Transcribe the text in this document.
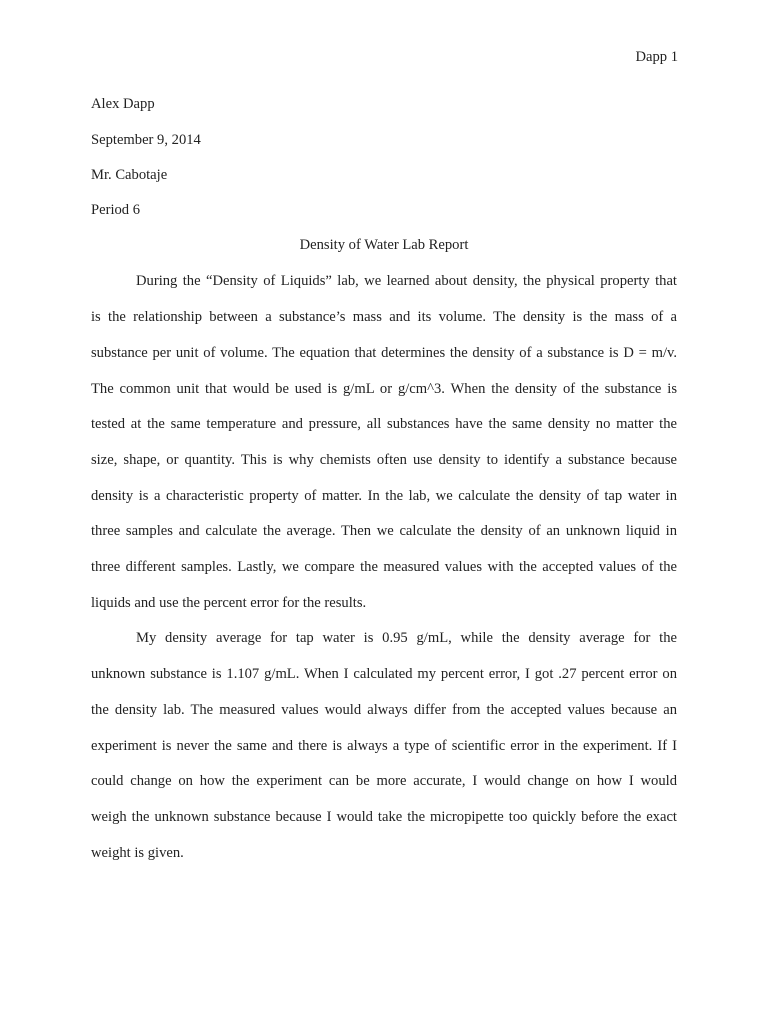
Dapp 1
Alex Dapp
September 9, 2014
Mr. Cabotaje
Period 6
Density of Water Lab Report
During the “Density of Liquids” lab, we learned about density, the physical property that
is the relationship between a substance’s mass and its volume. The density is the mass of a
substance per unit of volume. The equation that determines the density of a substance is D = m/v.
The common unit that would be used is g/mL or g/cm^3. When the density of the substance is
tested at the same temperature and pressure, all substances have the same density no matter the
size, shape, or quantity. This is why chemists often use density to identify a substance because
density is a characteristic property of matter. In the lab, we calculate the density of tap water in
three samples and calculate the average. Then we calculate the density of an unknown liquid in
three different samples. Lastly, we compare the measured values with the accepted values of the
liquids and use the percent error for the results.
My density average for tap water is 0.95 g/mL, while the density average for the
unknown substance is 1.107 g/mL. When I calculated my percent error, I got .27 percent error on
the density lab. The measured values would always differ from the accepted values because an
experiment is never the same and there is always a type of scientific error in the experiment. If I
could change on how the experiment can be more accurate, I would change on how I would
weigh the unknown substance because I would take the micropipette too quickly before the exact
weight is given.
